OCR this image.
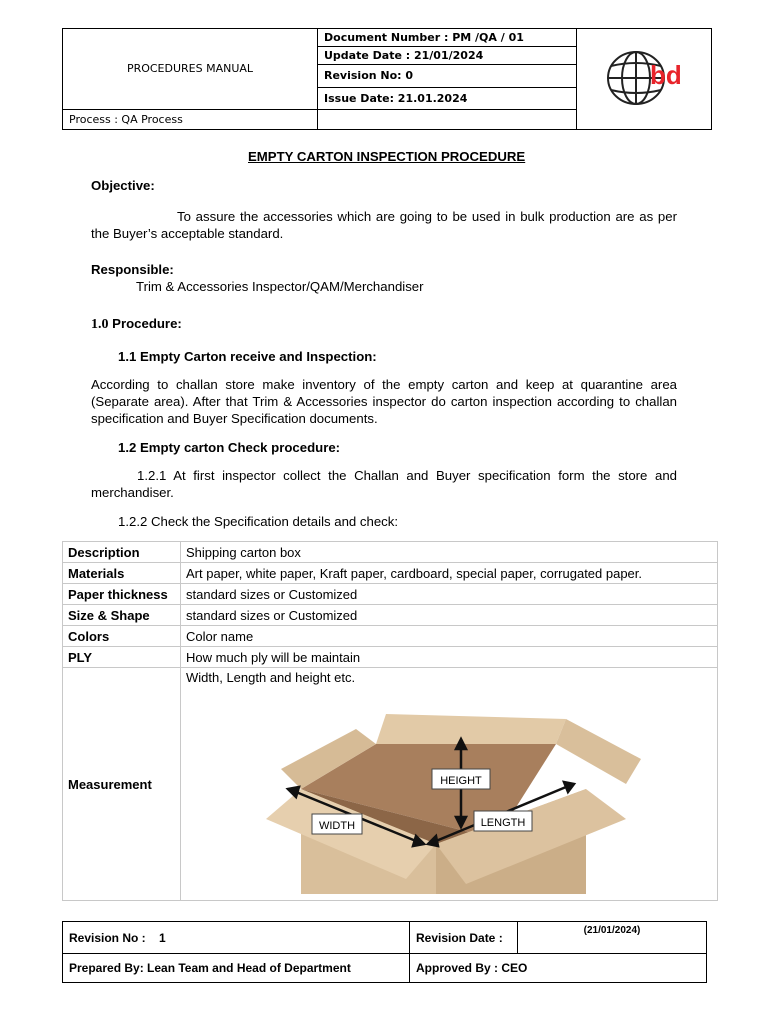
PROCEDURES MANUAL	Document Number : PM /QA / 01	bd

	Update Date : 21/01/2024	
	Revision No: 0	
	Issue Date: 21.01.2024	
Process : QA Process		
EMPTY CARTON INSPECTION PROCEDURE
Objective:
To assure the accessories which are going to be used in bulk production are as per the Buyer’s acceptable standard.
Responsible:
Trim & Accessories Inspector/QAM/Merchandiser
1.0 Procedure:
1.1 Empty Carton receive and Inspection:
According to challan store make inventory of the empty carton and keep at quarantine area (Separate area). After that Trim & Accessories inspector do carton inspection according to challan specification and Buyer Specification documents.
1.2 Empty carton Check procedure:
1.2.1 At first inspector collect the Challan and Buyer specification form the store and merchandiser.
1.2.2 Check the Specification details and check:
Description	Shipping carton box
Materials	Art paper, white paper, Kraft paper, cardboard, special paper, corrugated paper.
Paper thickness	standard sizes or Customized
Size & Shape	standard sizes or Customized
Colors	Color name
PLY	How much ply will be maintain
Measurement	Width, Length and height etc.
HEIGHT
WIDTH LENGTH
Revision No : 1	Revision Date :	(21/01/2024)
Prepared By: Lean Team and Head of Department	Approved By : CEO	
